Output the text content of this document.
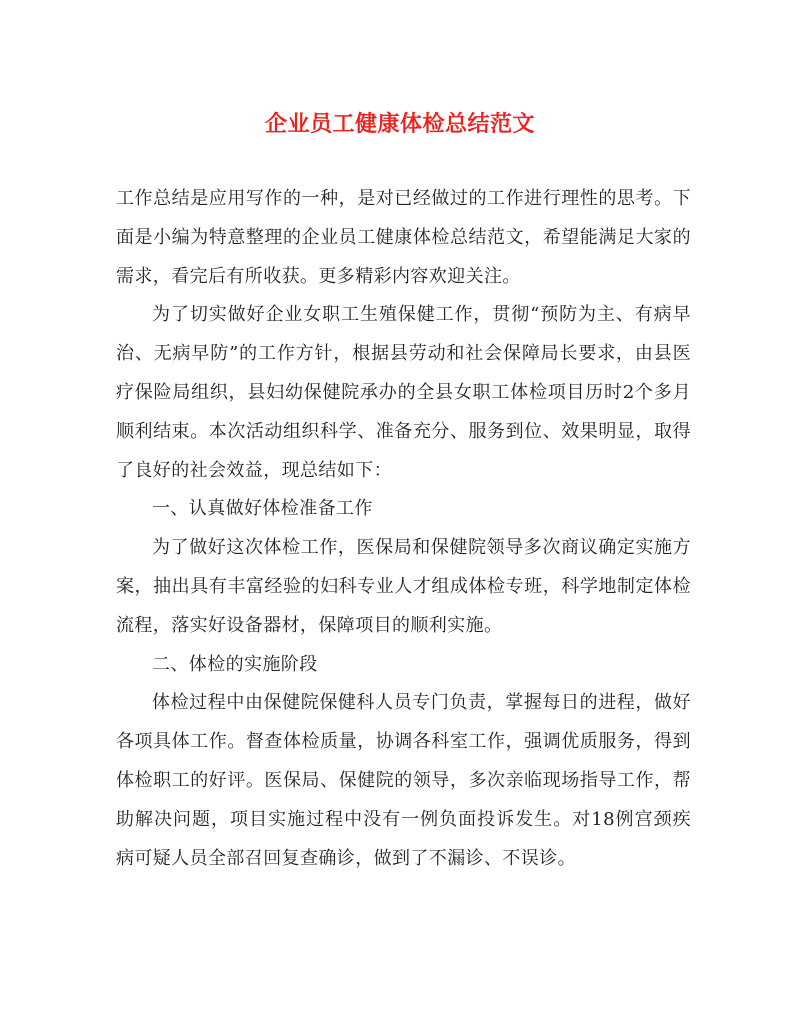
企业员工健康体检总结范文

工作总结是应用写作的一种，是对已经做过的工作进行理性的思考。下面是小编为特意整理的企业员工健康体检总结范文，希望能满足大家的需求，看完后有所收获。更多精彩内容欢迎关注。

为了切实做好企业女职工生殖保健工作，贯彻“预防为主、有病早治、无病早防”的工作方针，根据县劳动和社会保障局长要求，由县医疗保险局组织，县妇幼保健院承办的全县女职工体检项目历时2个多月顺利结束。本次活动组织科学、准备充分、服务到位、效果明显，取得了良好的社会效益，现总结如下：

一、认真做好体检准备工作

为了做好这次体检工作，医保局和保健院领导多次商议确定实施方案，抽出具有丰富经验的妇科专业人才组成体检专班，科学地制定体检流程，落实好设备器材，保障项目的顺利实施。

二、体检的实施阶段

体检过程中由保健院保健科人员专门负责，掌握每日的进程，做好各项具体工作。督查体检质量，协调各科室工作，强调优质服务，得到体检职工的好评。医保局、保健院的领导，多次亲临现场指导工作，帮助解决问题，项目实施过程中没有一例负面投诉发生。对18例宫颈疾病可疑人员全部召回复查确诊，做到了不漏诊、不误诊。
